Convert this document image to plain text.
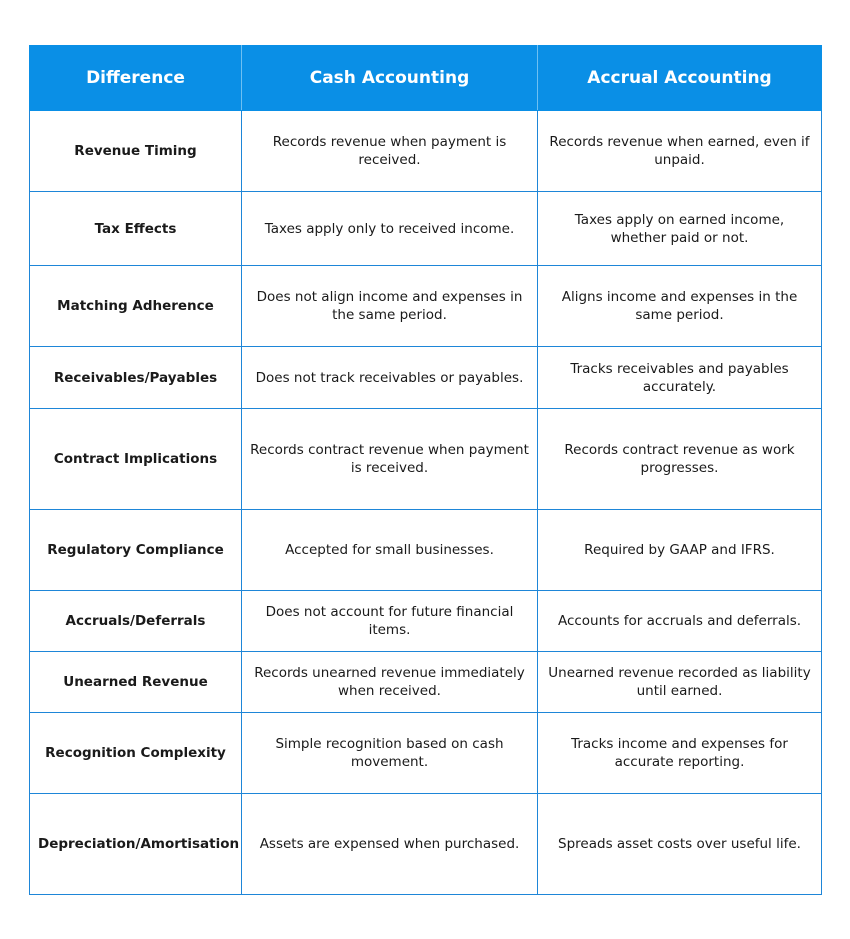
Difference	Cash Accounting	Accrual Accounting
Revenue Timing	Records revenue when payment is received.	Records revenue when earned, even if unpaid.
Tax Effects	Taxes apply only to received income.	Taxes apply on earned income, whether paid or not.
Matching Adherence	Does not align income and expenses in the same period.	Aligns income and expenses in the same period.
Receivables/Payables	Does not track receivables or payables.	Tracks receivables and payables accurately.
Contract Implications	Records contract revenue when payment is received.	Records contract revenue as work progresses.
Regulatory Compliance	Accepted for small businesses.	Required by GAAP and IFRS.
Accruals/Deferrals	Does not account for future financial items.	Accounts for accruals and deferrals.
Unearned Revenue	Records unearned revenue immediately when received.	Unearned revenue recorded as liability until earned.
Recognition Complexity	Simple recognition based on cash movement.	Tracks income and expenses for accurate reporting.
Depreciation/Amortisation	Assets are expensed when purchased.	Spreads asset costs over useful life.
